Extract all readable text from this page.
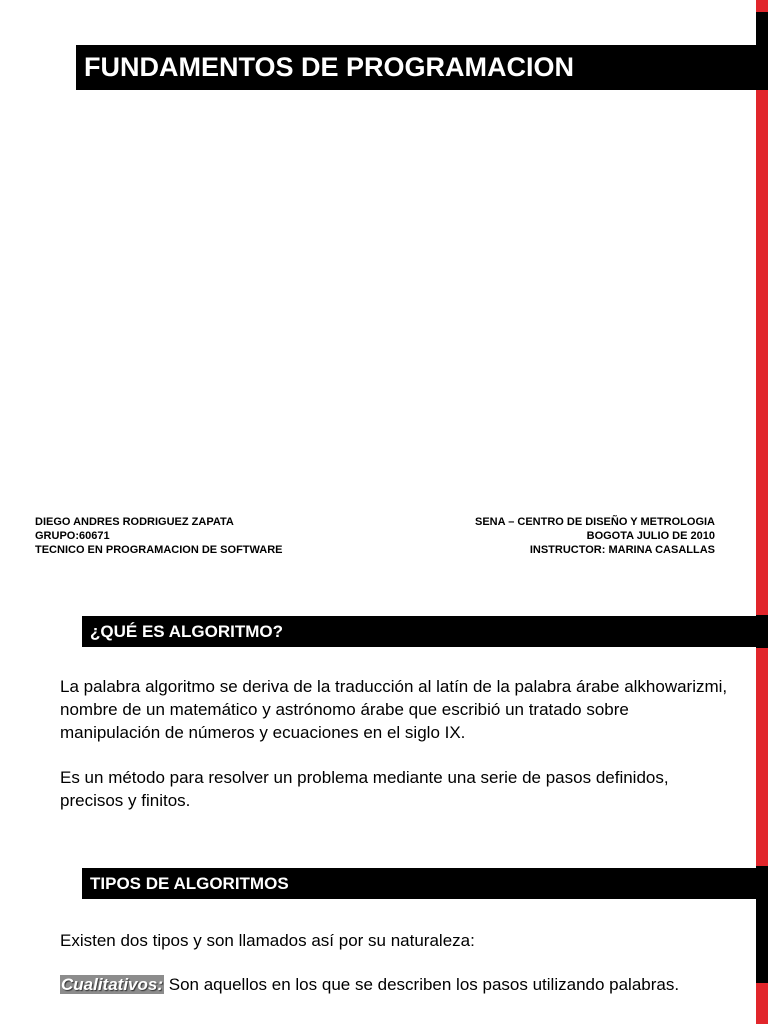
FUNDAMENTOS DE PROGRAMACION
DIEGO ANDRES RODRIGUEZ ZAPATA
GRUPO:60671
TECNICO EN PROGRAMACION DE SOFTWARE
SENA – CENTRO DE DISEÑO Y METROLOGIA
BOGOTA JULIO DE 2010
INSTRUCTOR: MARINA CASALLAS
¿QUÉ ES ALGORITMO?
La palabra algoritmo se deriva de la traducción al latín de la palabra árabe alkhowarizmi, nombre de un matemático y astrónomo árabe que escribió un tratado sobre manipulación de números y ecuaciones en el siglo IX.
Es un método para resolver un problema mediante una serie de pasos definidos, precisos y finitos.
TIPOS DE ALGORITMOS
Existen dos tipos y son llamados así por su naturaleza:
Cualitativos: Son aquellos en los que se describen los pasos utilizando palabras.
